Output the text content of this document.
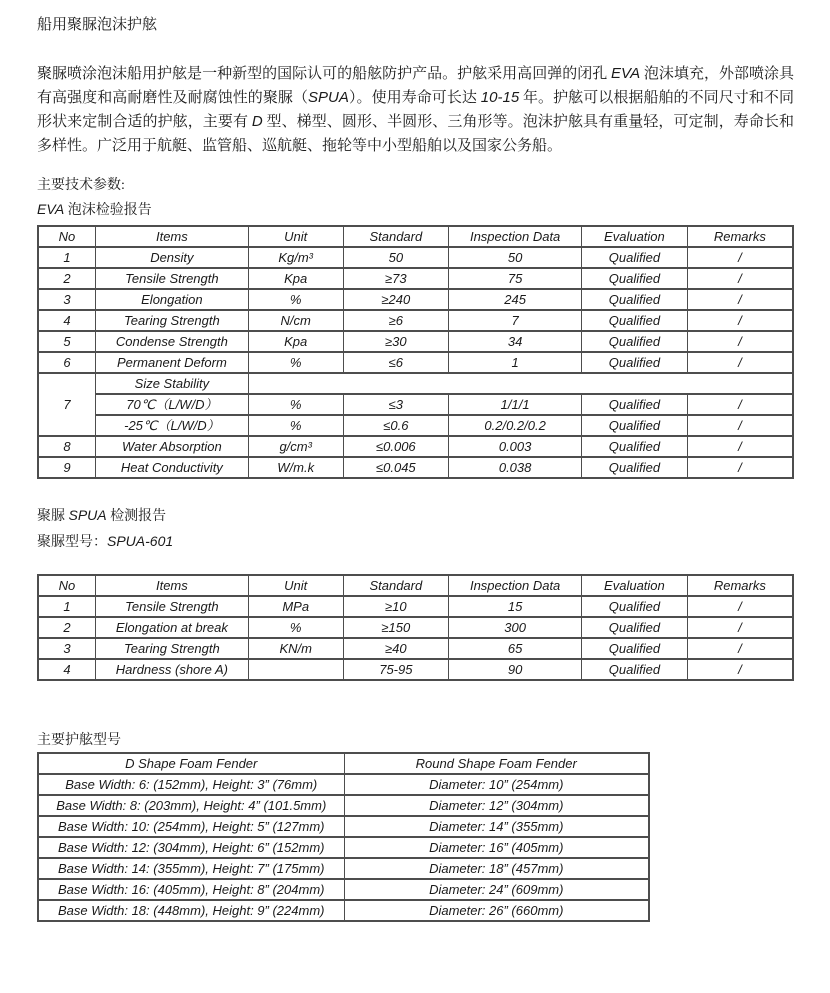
船用聚脲泡沫护舷

聚脲喷涂泡沫船用护舷是一种新型的国际认可的船舷防护产品。护舷采用高回弹的闭孔 EVA 泡沫填充，外部喷涂具有高强度和高耐磨性及耐腐蚀性的聚脲（SPUA）。使用寿命可长达 10-15 年。护舷可以根据船舶的不同尺寸和不同形状来定制合适的护舷，主要有 D 型、梯型、圆形、半圆形、三角形等。泡沫护舷具有重量轻，可定制，寿命长和多样性。广泛用于航艇、监管船、巡航艇、拖轮等中小型船舶以及国家公务船。

主要技术参数:

EVA 泡沫检验报告

No	Items	Unit	Standard	Inspection Data	Evaluation	Remarks
1	Density	Kg/m³	50	50	Qualified	/
2	Tensile Strength	Kpa	≥73	75	Qualified	/
3	Elongation	%	≥240	245	Qualified	/
4	Tearing Strength	N/cm	≥6	7	Qualified	/
5	Condense Strength	Kpa	≥30	34	Qualified	/
6	Permanent Deform	%	≤6	1	Qualified	/
7	Size Stability					
	70℃（L/W/D）	%	≤3	1/1/1	Qualified	/
	-25℃（L/W/D）	%	≤0.6	0.2/0.2/0.2	Qualified	/
8	Water Absorption	g/cm³	≤0.006	0.003	Qualified	/
9	Heat Conductivity	W/m.k	≤0.045	0.038	Qualified	/

聚脲 SPUA 检测报告

聚脲型号：SPUA-601

No	Items	Unit	Standard	Inspection Data	Evaluation	Remarks
1	Tensile Strength	MPa	≥10	15	Qualified	/
2	Elongation at break	%	≥150	300	Qualified	/
3	Tearing Strength	KN/m	≥40	65	Qualified	/
4	Hardness (shore A)		75-95	90	Qualified	/

主要护舷型号

D Shape Foam Fender	Round Shape Foam Fender
Base Width: 6: (152mm), Height: 3” (76mm)	Diameter: 10” (254mm)
Base Width: 8: (203mm), Height: 4” (101.5mm)	Diameter: 12” (304mm)
Base Width: 10: (254mm), Height: 5” (127mm)	Diameter: 14” (355mm)
Base Width: 12: (304mm), Height: 6” (152mm)	Diameter: 16” (405mm)
Base Width: 14: (355mm), Height: 7” (175mm)	Diameter: 18” (457mm)
Base Width: 16: (405mm), Height: 8” (204mm)	Diameter: 24” (609mm)
Base Width: 18: (448mm), Height: 9” (224mm)	Diameter: 26” (660mm)
